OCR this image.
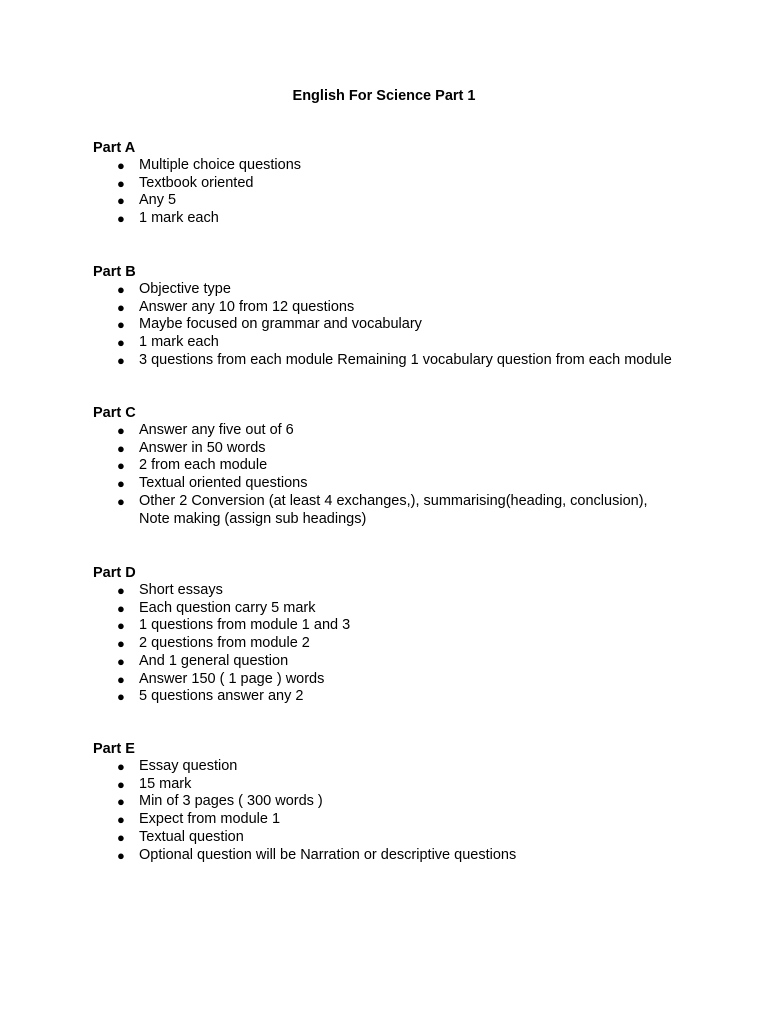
English For Science Part 1
Part A
● Multiple choice questions
● Textbook oriented
● Any 5
● 1 mark each
Part B
● Objective type
● Answer any 10 from 12 questions
● Maybe focused on grammar and vocabulary
● 1 mark each
● 3 questions from each module Remaining 1 vocabulary question from each module
Part C
● Answer any five out of 6
● Answer in 50 words
● 2 from each module
● Textual oriented questions
● Other 2 Conversion (at least 4 exchanges,), summarising(heading, conclusion), Note making (assign sub headings)
Part D
● Short essays
● Each question carry 5 mark
● 1 questions from module 1 and 3
● 2 questions from module 2
● And 1 general question
● Answer 150 ( 1 page ) words
● 5 questions answer any 2
Part E
● Essay question
● 15 mark
● Min of 3 pages ( 300 words )
● Expect from module 1
● Textual question
● Optional question will be Narration or descriptive questions
